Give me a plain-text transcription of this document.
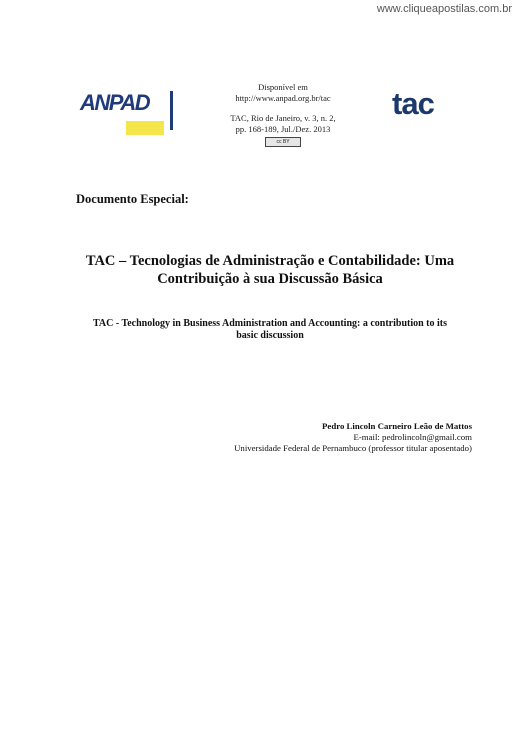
www.cliqueapostilas.com.br
ANPAD
Disponível em
http://www.anpad.org.br/tac
TAC, Rio de Janeiro, v. 3, n. 2,
pp. 168-189, Jul./Dez. 2013
cc BY
tac
Documento Especial:
TAC – Tecnologias de Administração e Contabilidade: Uma
Contribuição à sua Discussão Básica
TAC - Technology in Business Administration and Accounting: a contribution to its
basic discussion
Pedro Lincoln Carneiro Leão de Mattos
E-mail: pedrolincoln@gmail.com
Universidade Federal de Pernambuco (professor titular aposentado)
